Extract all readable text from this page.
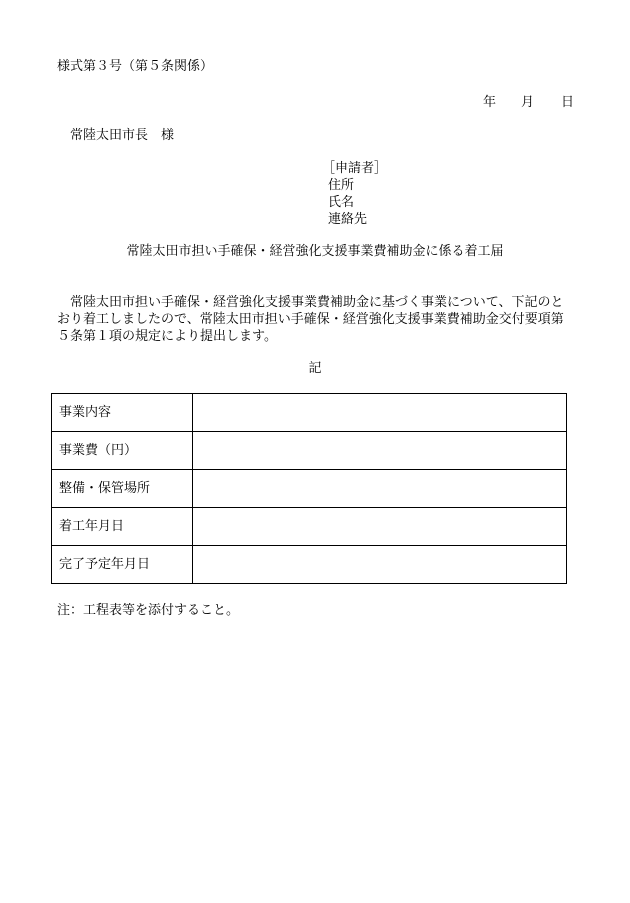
様式第３号（第５条関係）
年 月 日
常陸太田市長　様
［申請者］
住所
氏名
連絡先
常陸太田市担い手確保・経営強化支援事業費補助金に係る着工届
常陸太田市担い手確保・経営強化支援事業費補助金に基づく事業について、下記のとおり着工しましたので、常陸太田市担い手確保・経営強化支援事業費補助金交付要項第５条第１項の規定により提出します。
記
事業内容	
事業費（円）	
整備・保管場所	
着工年月日	
完了予定年月日	
注：工程表等を添付すること。
